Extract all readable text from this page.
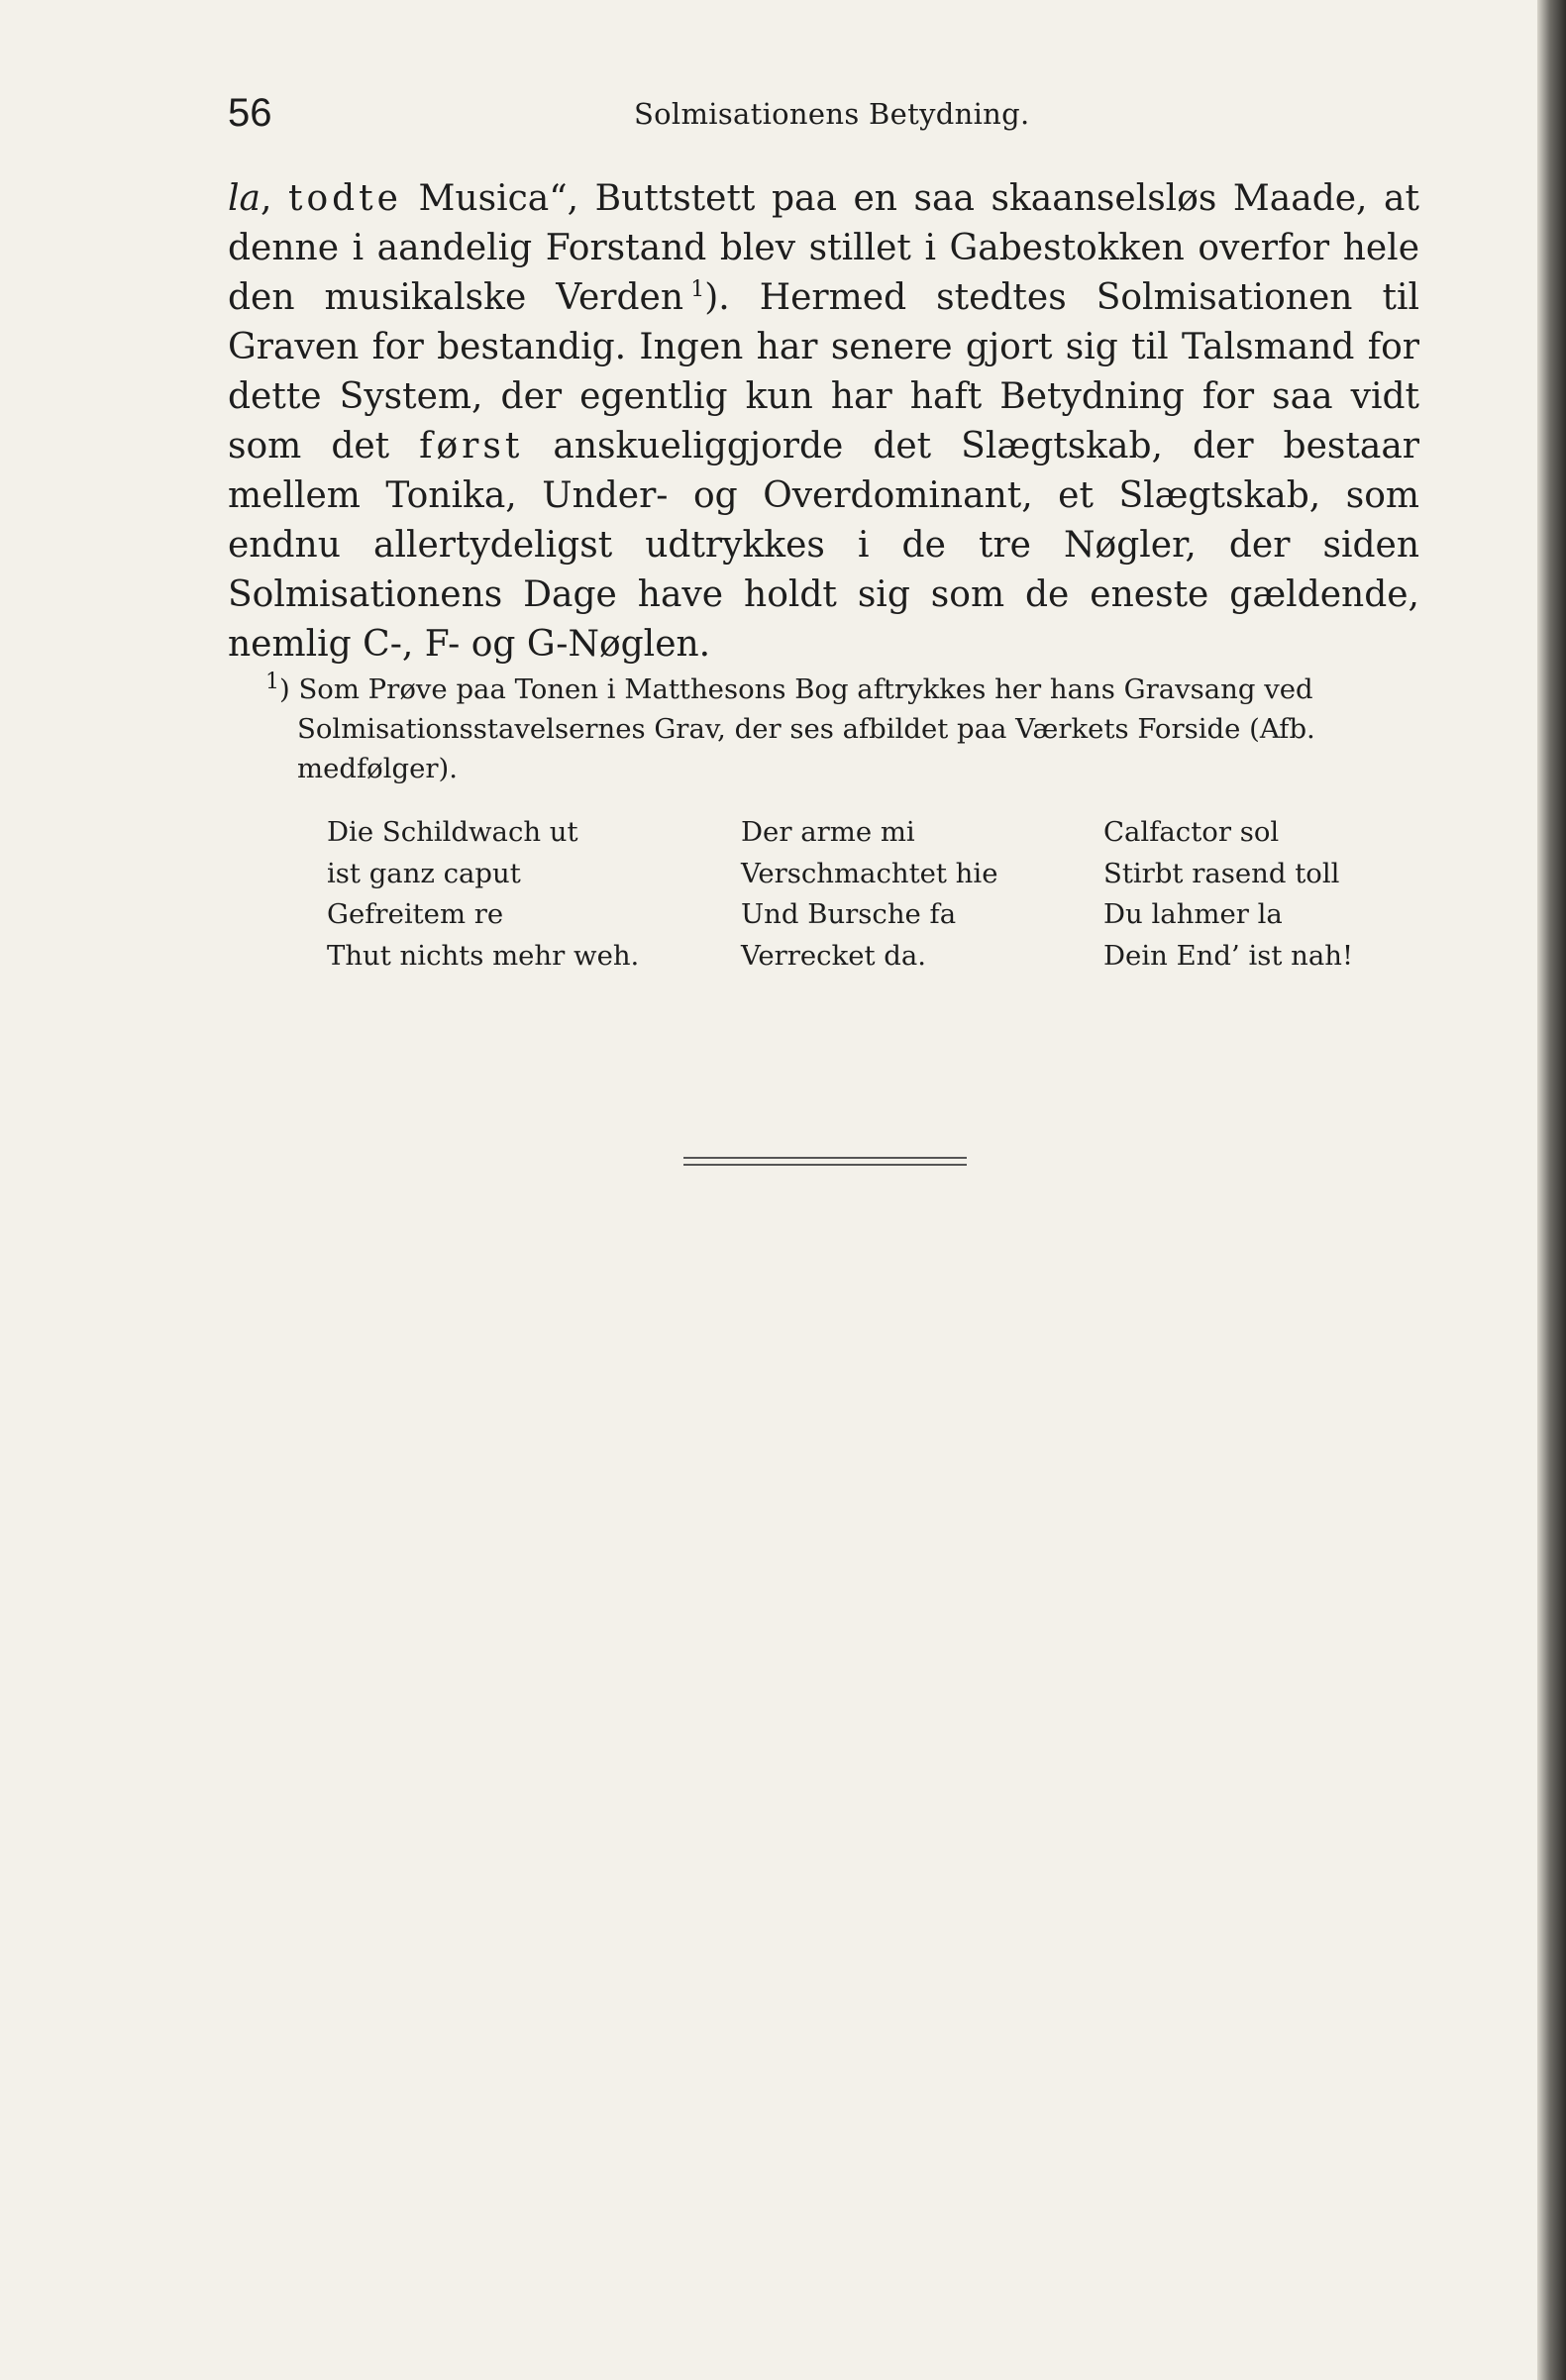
56	Solmisationens Betydning.

la, todte Musica“, Buttstett paa en saa skaanselsløs Maade, at denne i aandelig Forstand blev stillet i Gabestokken overfor hele den musikalske Verden  $^1$). Hermed stedtes Solmisationen til Graven for bestandig. Ingen har senere gjort sig til Talsmand for dette System, der egentlig kun har haft Betydning for saa vidt som det først anskueliggjorde det Slægtskab, der bestaar mellem Tonika, Under- og Overdominant, et Slægtskab, som endnu allertydeligst udtrykkes i de tre Nøgler, der siden Solmisationens Dage have holdt sig som de eneste gældende, nemlig C-, F- og G-Nøglen.

$^1$) Som Prøve paa Tonen i Matthesons Bog aftrykkes her hans Gravsang ved
Solmisationsstavelsernes Grav, der ses afbildet paa Værkets Forside (Afb. medfølger).

Die Schildwach ut
ist ganz caput
Gefreitem re
Thut nichts mehr weh.
Der arme mi
Verschmachtet hie
Und Bursche fa
Verrecket da.
Calfactor sol
Stirbt rasend toll
Du lahmer la
Dein End’ ist nah!
